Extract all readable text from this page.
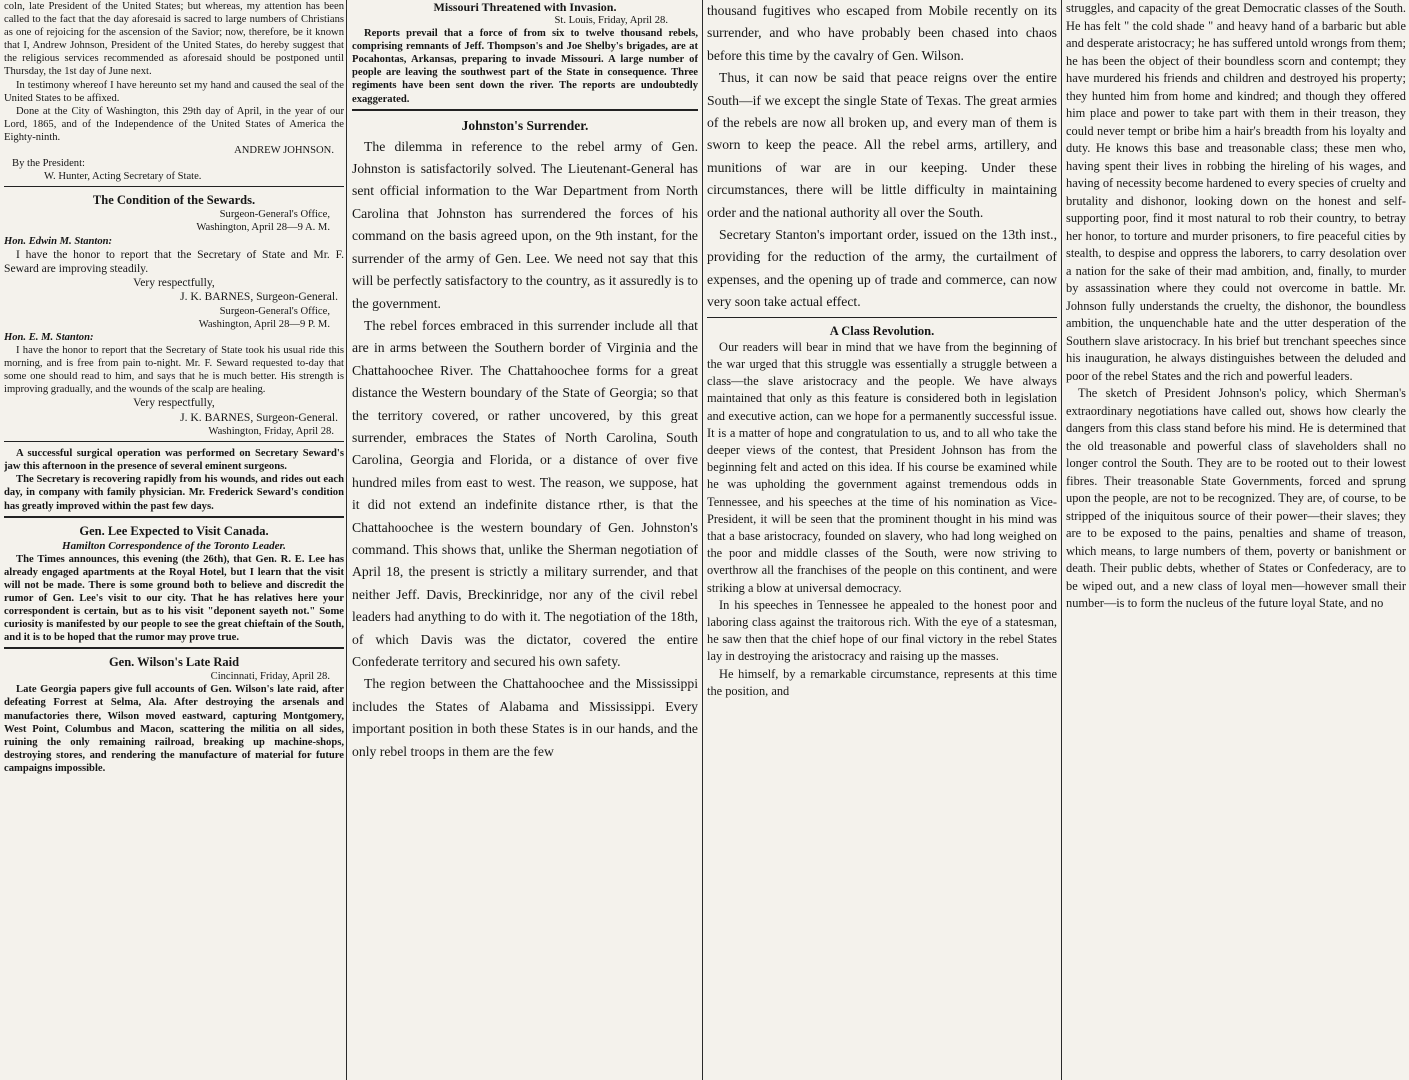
coln, late President of the United States; but whereas, my attention has been called to the fact that the day aforesaid is sacred to large numbers of Christians as one of rejoicing for the ascension of the Savior; now, therefore, be it known that I, Andrew Johnson, President of the United States, do hereby suggest that the religious services recommended as aforesaid should be postponed until Thursday, the 1st day of June next.

In testimony whereof I have hereunto set my hand and caused the seal of the United States to be affixed.

Done at the City of Washington, this 29th day of April, in the year of our Lord, 1865, and of the Independence of the United States of America the Eighty-ninth.

ANDREW JOHNSON.

By the President:

W. Hunter, Acting Secretary of State.

The Condition of the Sewards.

Surgeon-General's Office,

Washington, April 28—9 A. M.

Hon. Edwin M. Stanton:

I have the honor to report that the Secretary of State and Mr. F. Seward are improving steadily.

Very respectfully,

J. K. BARNES, Surgeon-General.

Surgeon-General's Office,

Washington, April 28—9 P. M.

Hon. E. M. Stanton:

I have the honor to report that the Secretary of State took his usual ride this morning, and is free from pain to-night. Mr. F. Seward requested to-day that some one should read to him, and says that he is much better. His strength is improving gradually, and the wounds of the scalp are healing.

Very respectfully,

J. K. BARNES, Surgeon-General.

Washington, Friday, April 28.

A successful surgical operation was performed on Secretary Seward's jaw this afternoon in the presence of several eminent surgeons.

The Secretary is recovering rapidly from his wounds, and rides out each day, in company with family physician. Mr. Frederick Seward's condition has greatly improved within the past few days.

Gen. Lee Expected to Visit Canada.
Hamilton Correspondence of the Toronto Leader.

The Times announces, this evening (the 26th), that Gen. R. E. Lee has already engaged apartments at the Royal Hotel, but I learn that the visit will not be made. There is some ground both to believe and discredit the rumor of Gen. Lee's visit to our city. That he has relatives here your correspondent is certain, but as to his visit "deponent sayeth not." Some curiosity is manifested by our people to see the great chieftain of the South, and it is to be hoped that the rumor may prove true.

Gen. Wilson's Late Raid

Cincinnati, Friday, April 28.

Late Georgia papers give full accounts of Gen. Wilson's late raid, after defeating Forrest at Selma, Ala. After destroying the arsenals and manufactories there, Wilson moved eastward, capturing Montgomery, West Point, Columbus and Macon, scattering the militia on all sides, ruining the only remaining railroad, breaking up machine-shops, destroying stores, and rendering the manufacture of material for future campaigns impossible.

Missouri Threatened with Invasion.

St. Louis, Friday, April 28.

Reports prevail that a force of from six to twelve thousand rebels, comprising remnants of Jeff. Thompson's and Joe Shelby's brigades, are at Pocahontas, Arkansas, preparing to invade Missouri. A large number of people are leaving the southwest part of the State in consequence. Three regiments have been sent down the river. The reports are undoubtedly exaggerated.

Johnston's Surrender.

The dilemma in reference to the rebel army of Gen. Johnston is satisfactorily solved. The Lieutenant-General has sent official information to the War Department from North Carolina that Johnston has surrendered the forces of his command on the basis agreed upon, on the 9th instant, for the surrender of the army of Gen. Lee. We need not say that this will be perfectly satisfactory to the country, as it assuredly is to the government.

The rebel forces embraced in this surrender include all that are in arms between the Southern border of Virginia and the Chattahoochee River. The Chattahoochee forms for a great distance the Western boundary of the State of Georgia; so that the territory covered, or rather uncovered, by this great surrender, embraces the States of North Carolina, South Carolina, Georgia and Florida, or a distance of over five hundred miles from east to west. The reason, we suppose, hat it did not extend an indefinite distance rther, is that the Chattahoochee is the western boundary of Gen. Johnston's command. This shows that, unlike the Sherman negotiation of April 18, the present is strictly a military surrender, and that neither Jeff. Davis, Breckinridge, nor any of the civil rebel leaders had anything to do with it. The negotiation of the 18th, of which Davis was the dictator, covered the entire Confederate territory and secured his own safety.

The region between the Chattahoochee and the Mississippi includes the States of Alabama and Mississippi. Every important position in both these States is in our hands, and the only rebel troops in them are the few

thousand fugitives who escaped from Mobile recently on its surrender, and who have probably been chased into chaos before this time by the cavalry of Gen. Wilson.

Thus, it can now be said that peace reigns over the entire South—if we except the single State of Texas. The great armies of the rebels are now all broken up, and every man of them is sworn to keep the peace. All the rebel arms, artillery, and munitions of war are in our keeping. Under these circumstances, there will be little difficulty in maintaining order and the national authority all over the South.

Secretary Stanton's important order, issued on the 13th inst., providing for the reduction of the army, the curtailment of expenses, and the opening up of trade and commerce, can now very soon take actual effect.

A Class Revolution.

Our readers will bear in mind that we have from the beginning of the war urged that this struggle was essentially a struggle between a class—the slave aristocracy and the people. We have always maintained that only as this feature is considered both in legislation and executive action, can we hope for a permanently successful issue. It is a matter of hope and congratulation to us, and to all who take the deeper views of the contest, that President Johnson has from the beginning felt and acted on this idea. If his course be examined while he was upholding the government against tremendous odds in Tennessee, and his speeches at the time of his nomination as Vice-President, it will be seen that the prominent thought in his mind was that a base aristocracy, founded on slavery, who had long weighed on the poor and middle classes of the South, were now striving to overthrow all the franchises of the people on this continent, and were striking a blow at universal democracy.

In his speeches in Tennessee he appealed to the honest poor and laboring class against the traitorous rich. With the eye of a statesman, he saw then that the chief hope of our final victory in the rebel States lay in destroying the aristocracy and raising up the masses.

He himself, by a remarkable circumstance, represents at this time the position, and

struggles, and capacity of the great Democratic classes of the South. He has felt " the cold shade " and heavy hand of a barbaric but able and desperate aristocracy; he has suffered untold wrongs from them; he has been the object of their boundless scorn and contempt; they have murdered his friends and children and destroyed his property; they hunted him from home and kindred; and though they offered him place and power to take part with them in their treason, they could never tempt or bribe him a hair's breadth from his loyalty and duty. He knows this base and treasonable class; these men who, having spent their lives in robbing the hireling of his wages, and having of necessity become hardened to every species of cruelty and brutality and dishonor, looking down on the honest and self-supporting poor, find it most natural to rob their country, to betray her honor, to torture and murder prisoners, to fire peaceful cities by stealth, to despise and oppress the laborers, to carry desolation over a nation for the sake of their mad ambition, and, finally, to murder by assassination where they could not overcome in battle. Mr. Johnson fully understands the cruelty, the dishonor, the boundless ambition, the unquenchable hate and the utter desperation of the Southern slave aristocracy. In his brief but trenchant speeches since his inauguration, he always distinguishes between the deluded and poor of the rebel States and the rich and powerful leaders.

The sketch of President Johnson's policy, which Sherman's extraordinary negotiations have called out, shows how clearly the dangers from this class stand before his mind. He is determined that the old treasonable and powerful class of slaveholders shall no longer control the South. They are to be rooted out to their lowest fibres. Their treasonable State Governments, forced and sprung upon the people, are not to be recognized. They are, of course, to be stripped of the iniquitous source of their power—their slaves; they are to be exposed to the pains, penalties and shame of treason, which means, to large numbers of them, poverty or banishment or death. Their public debts, whether of States or Confederacy, are to be wiped out, and a new class of loyal men—however small their number—is to form the nucleus of the future loyal State, and no
